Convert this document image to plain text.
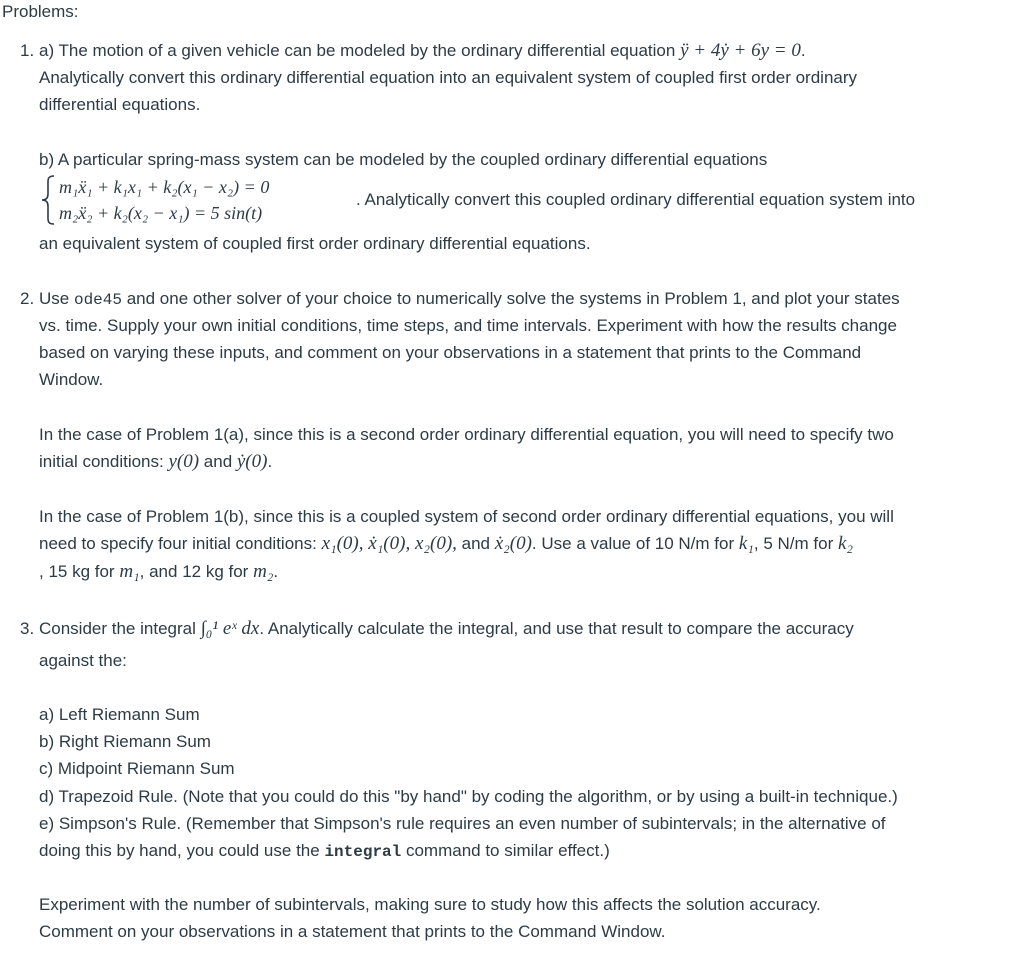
Problems:
1. a) The motion of a given vehicle can be modeled by the ordinary differential equation ÿ + 4ẏ + 6y = 0.
Analytically convert this ordinary differential equation into an equivalent system of coupled first order ordinary
differential equations.
b) A particular spring-mass system can be modeled by the coupled ordinary differential equations
m₁ẍ₁ + k₁x₁ + k₂(x₁ − x₂) = 0
m₂ẍ₂ + k₂(x₂ − x₁) = 5 sin(t)
. Analytically convert this coupled ordinary differential equation system into
an equivalent system of coupled first order ordinary differential equations.
2. Use ode45 and one other solver of your choice to numerically solve the systems in Problem 1, and plot your states
vs. time. Supply your own initial conditions, time steps, and time intervals. Experiment with how the results change
based on varying these inputs, and comment on your observations in a statement that prints to the Command
Window.
In the case of Problem 1(a), since this is a second order ordinary differential equation, you will need to specify two
initial conditions: y(0) and ẏ(0).
In the case of Problem 1(b), since this is a coupled system of second order ordinary differential equations, you will
need to specify four initial conditions: x₁(0), ẋ₁(0), x₂(0), and ẋ₂(0). Use a value of 10 N/m for k₁, 5 N/m for k₂
, 15 kg for m₁, and 12 kg for m₂.
3. Consider the integral ∫₀¹ eˣ dx. Analytically calculate the integral, and use that result to compare the accuracy
against the:
a) Left Riemann Sum
b) Right Riemann Sum
c) Midpoint Riemann Sum
d) Trapezoid Rule. (Note that you could do this "by hand" by coding the algorithm, or by using a built-in technique.)
e) Simpson's Rule. (Remember that Simpson's rule requires an even number of subintervals; in the alternative of
doing this by hand, you could use the integral command to similar effect.)
Experiment with the number of subintervals, making sure to study how this affects the solution accuracy.
Comment on your observations in a statement that prints to the Command Window.
